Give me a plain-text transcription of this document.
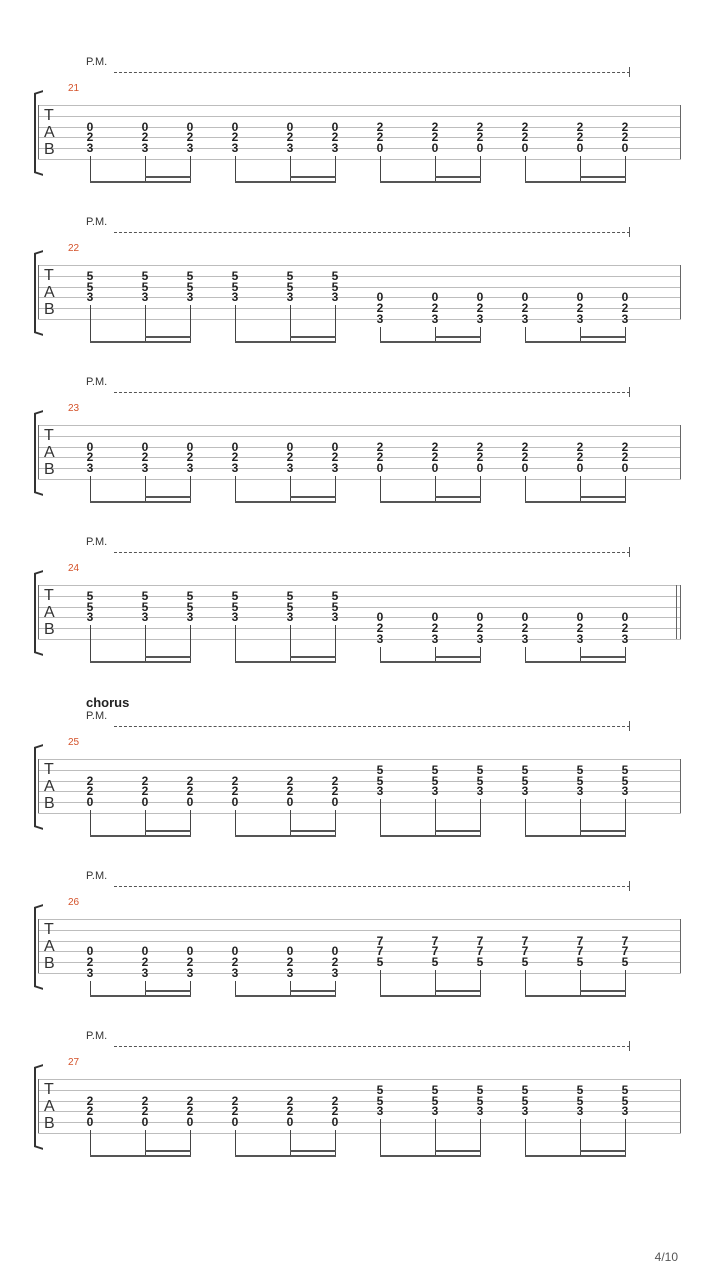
P.M.
21
T
A
B
0
2
3
0
2
3
0
2
3
0
2
3
0
2
3
0
2
3
2
2
0
2
2
0
2
2
0
2
2
0
2
2
0
2
2
0
P.M.
22
T
A
B
5
5
3
5
5
3
5
5
3
5
5
3
5
5
3
5
5
3	0
2
3
0
2
3
0
2
3
0
2
3
0
2
3
0
2
3
P.M.
23
T
A
B
0
2
3
0
2
3
0
2
3
0
2
3
0
2
3
0
2
3
2
2
0
2
2
0
2
2
0
2
2
0
2
2
0
2
2
0
P.M.
24
T
A
B
5
5
3
5
5
3
5
5
3
5
5
3
5
5
3
5
5
3	0
2
3
0
2
3
0
2
3
0
2
3
0
2
3
0
2
3
chorus
P.M.
25
T
A
B
2
2
0
2
2
0
2
2
0
2
2
0
2
2
0
2
2
0
5
5
3
5
5
3
5
5
3
5
5
3
5
5
3
5
5
3
P.M.
26
T
A
B
0
2
3
0
2
3
0
2
3
0
2
3
0
2
3
0
2
3
7
7
5
7
7
5
7
7
5
7
7
5
7
7
5
7
7
5
P.M.
27
T
A
B
2
2
0
2
2
0
2
2
0
2
2
0
2
2
0
2
2
0
5
5
3
5
5
3
5
5
3
5
5
3
5
5
3
5
5
3
4/10
